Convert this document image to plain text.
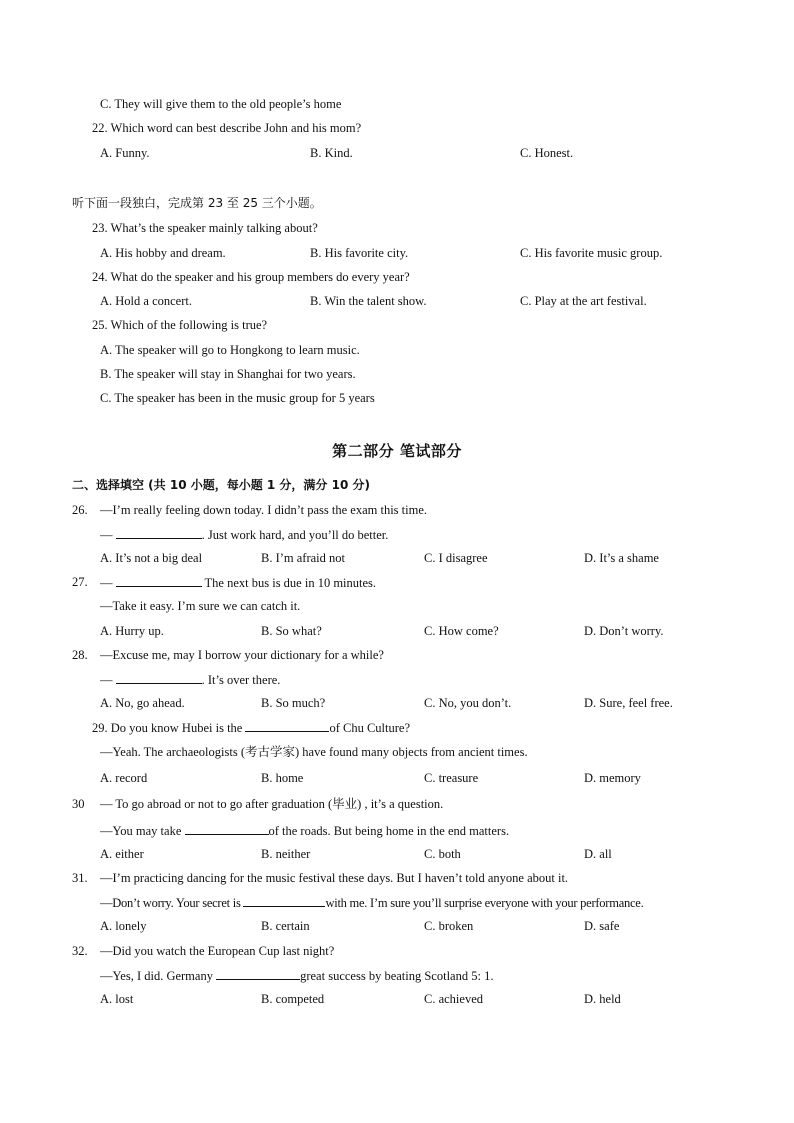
C. They will give them to the old people’s home
22. Which word can best describe John and his mom?
A. Funny.	B. Kind.	C. Honest.
听下面一段独白，完成第 23 至 25 三个小题。
23. What’s the speaker mainly talking about?
A. His hobby and dream.	B. His favorite city.	C. His favorite music group.
24. What do the speaker and his group members do every year?
A. Hold a concert.	B. Win the talent show.	C. Play at the art festival.
25. Which of the following is true?
A. The speaker will go to Hongkong to learn music.
B. The speaker will stay in Shanghai for two years.
C. The speaker has been in the music group for 5 years
第二部分 笔试部分
二、选择填空 (共 10 小题，每小题 1 分，满分 10 分)
26. —I’m really feeling down today. I didn’t pass the exam this time.
—	. Just work hard, and you’ll do better.
A. It’s not a big deal	B. I’m afraid not	C. I disagree	D. It’s a shame
27. —	The next bus is due in 10 minutes.
—Take it easy. I’m sure we can catch it.
A. Hurry up.	B. So what?	C. How come?	D. Don’t worry.
28. —Excuse me, may I borrow your dictionary for a while?
—	. It’s over there.
A. No, go ahead.	B. So much?	C. No, you don’t.	D. Sure, feel free.
29. Do you know Hubei is the	of Chu Culture?
—Yeah. The archaeologists (考古学家) have found many objects from ancient times.
A. record	B. home	C. treasure	D. memory
30 — To go abroad or not to go after graduation (毕业) , it’s a question.
—You may take	of the roads. But being home in the end matters.
A. either	B. neither	C. both	D. all
31. —I’m practicing dancing for the music festival these days. But I haven’t told anyone about it.
—Don’t worry. Your secret is	with me. I’m sure you’ll surprise everyone with your performance.
A. lonely	B. certain	C. broken	D. safe
32. —Did you watch the European Cup last night?
—Yes, I did. Germany	great success by beating Scotland 5: 1.
A. lost	B. competed	C. achieved	D. held
